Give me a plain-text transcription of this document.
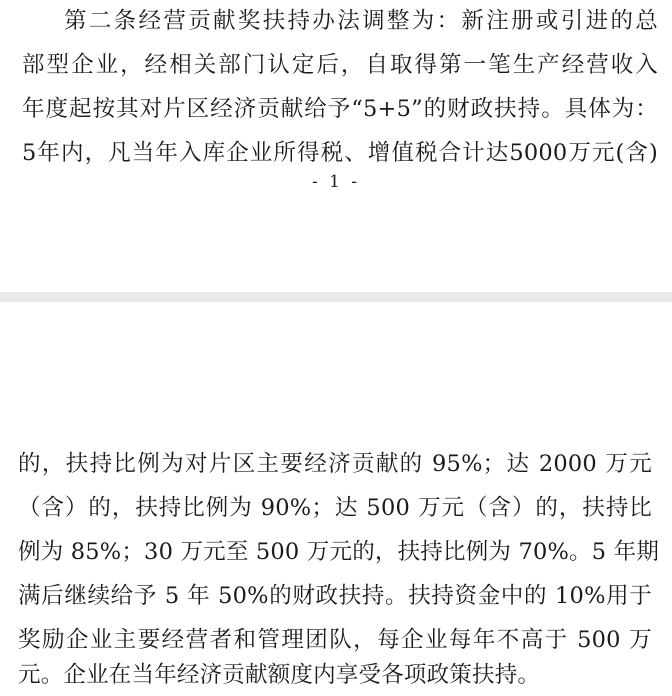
第二条经营贡献奖扶持办法调整为：新注册或引进的总
部型企业，经相关部门认定后，自取得第一笔生产经营收入
年度起按其对片区经济贡献给予“5+5”的财政扶持。具体为：
5年内，凡当年入库企业所得税、增值税合计达5000万元(含)
- 1 -
的，扶持比例为对片区主要经济贡献的 95%；达 2000 万元
（含）的，扶持比例为 90%；达 500 万元（含）的，扶持比
例为 85%；30 万元至 500 万元的，扶持比例为 70%。5 年期
满后继续给予 5 年 50%的财政扶持。扶持资金中的 10%用于
奖励企业主要经营者和管理团队，每企业每年不高于 500 万
元。企业在当年经济贡献额度内享受各项政策扶持。
